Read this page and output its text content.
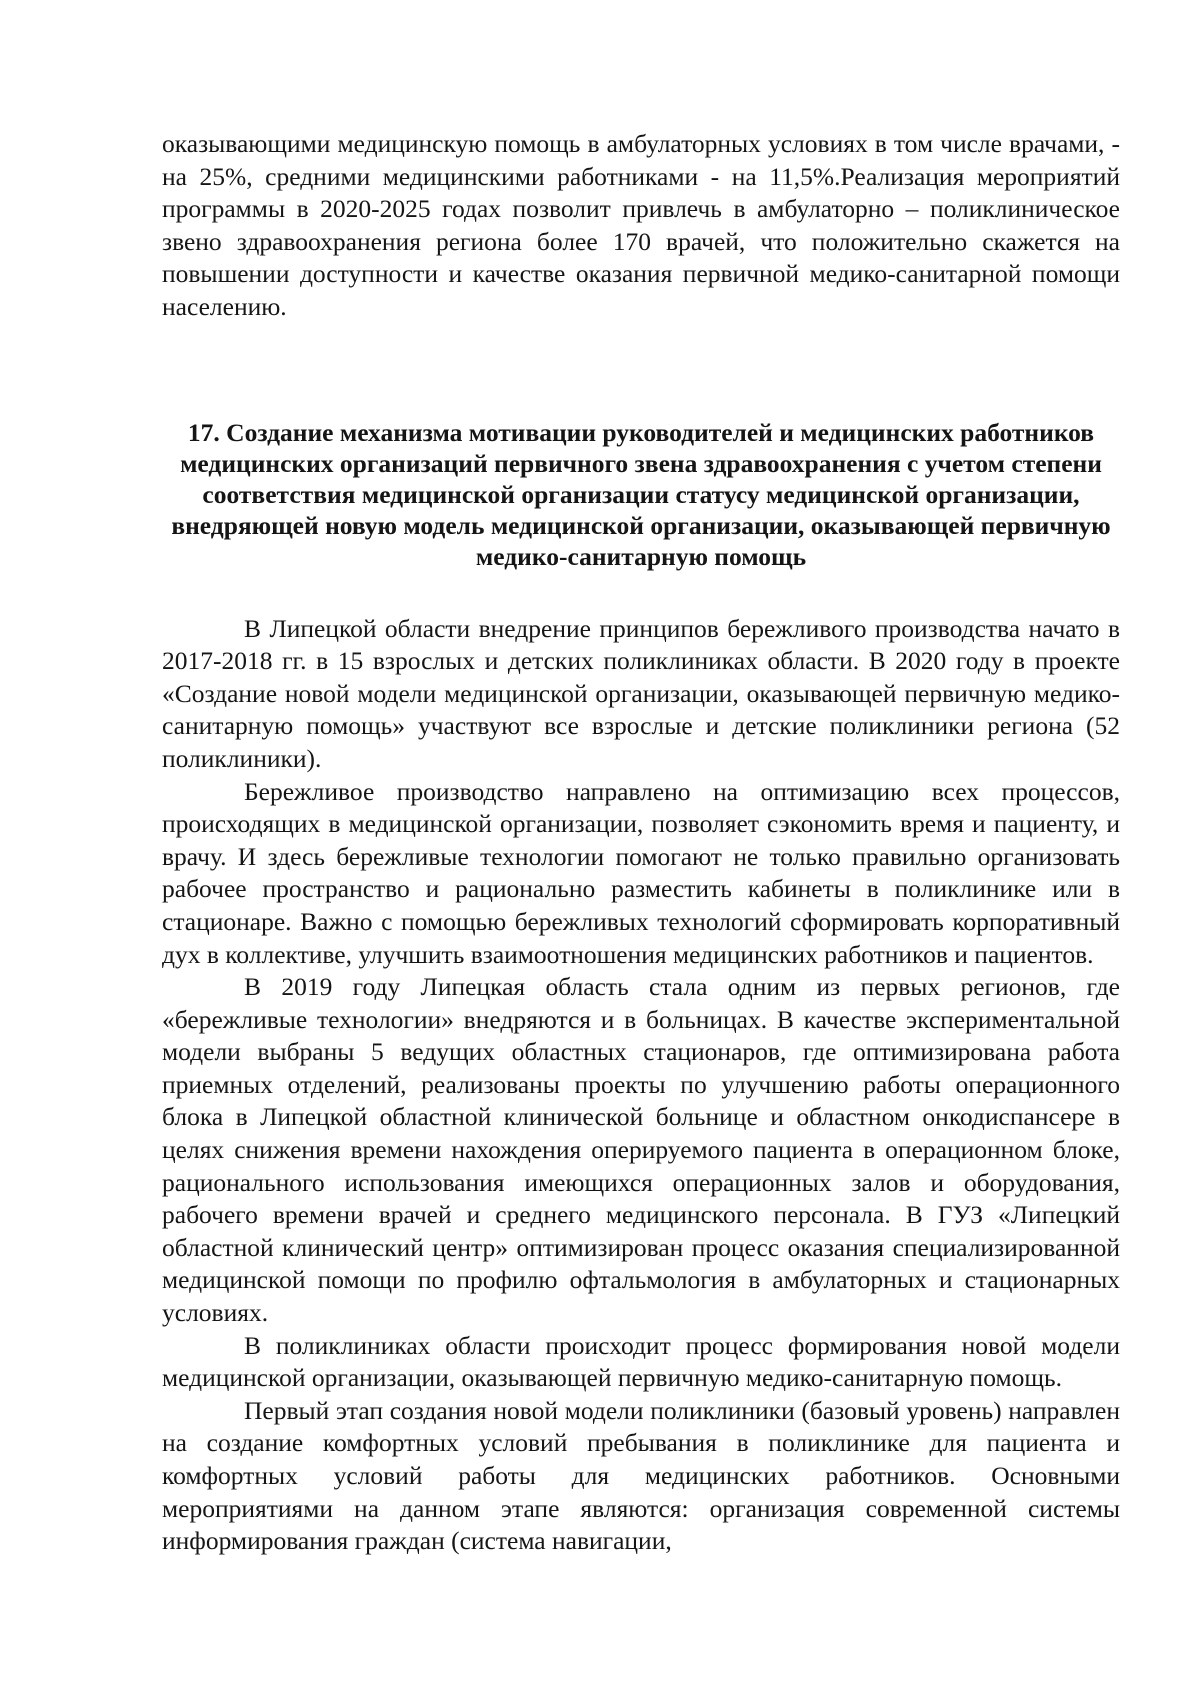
оказывающими медицинскую помощь в амбулаторных условиях в том числе врачами, - на 25%, средними медицинскими работниками - на 11,5%.Реализация мероприятий программы в 2020-2025 годах позволит привлечь в амбулаторно – поликлиническое звено здравоохранения региона более 170 врачей, что положительно скажется на повышении доступности и качестве оказания первичной медико-санитарной помощи населению.

17. Создание механизма мотивации руководителей и медицинских работников медицинских организаций первичного звена здравоохранения с учетом степени соответствия медицинской организации статусу медицинской организации, внедряющей новую модель медицинской организации, оказывающей первичную медико-санитарную помощь

В Липецкой области внедрение принципов бережливого производства начато в 2017-2018 гг. в 15 взрослых и детских поликлиниках области. В 2020 году в проекте «Создание новой модели медицинской организации, оказывающей первичную медико-санитарную помощь» участвуют все взрослые и детские поликлиники региона (52 поликлиники).

Бережливое производство направлено на оптимизацию всех процессов, происходящих в медицинской организации, позволяет сэкономить время и пациенту, и врачу. И здесь бережливые технологии помогают не только правильно организовать рабочее пространство и рационально разместить кабинеты в поликлинике или в стационаре. Важно с помощью бережливых технологий сформировать корпоративный дух в коллективе, улучшить взаимоотношения медицинских работников и пациентов.

В 2019 году Липецкая область стала одним из первых регионов, где «бережливые технологии» внедряются и в больницах. В качестве экспериментальной модели выбраны 5 ведущих областных стационаров, где оптимизирована работа приемных отделений, реализованы проекты по улучшению работы операционного блока в Липецкой областной клинической больнице и областном онкодиспансере в целях снижения времени нахождения оперируемого пациента в операционном блоке, рационального использования имеющихся операционных залов и оборудования, рабочего времени врачей и среднего медицинского персонала. В ГУЗ «Липецкий областной клинический центр» оптимизирован процесс оказания специализированной медицинской помощи по профилю офтальмология в амбулаторных и стационарных условиях.

В поликлиниках области происходит процесс формирования новой модели медицинской организации, оказывающей первичную медико-санитарную помощь.

Первый этап создания новой модели поликлиники (базовый уровень) направлен на создание комфортных условий пребывания в поликлинике для пациента и комфортных условий работы для медицинских работников. Основными мероприятиями на данном этапе являются: организация современной системы информирования граждан (система навигации,
